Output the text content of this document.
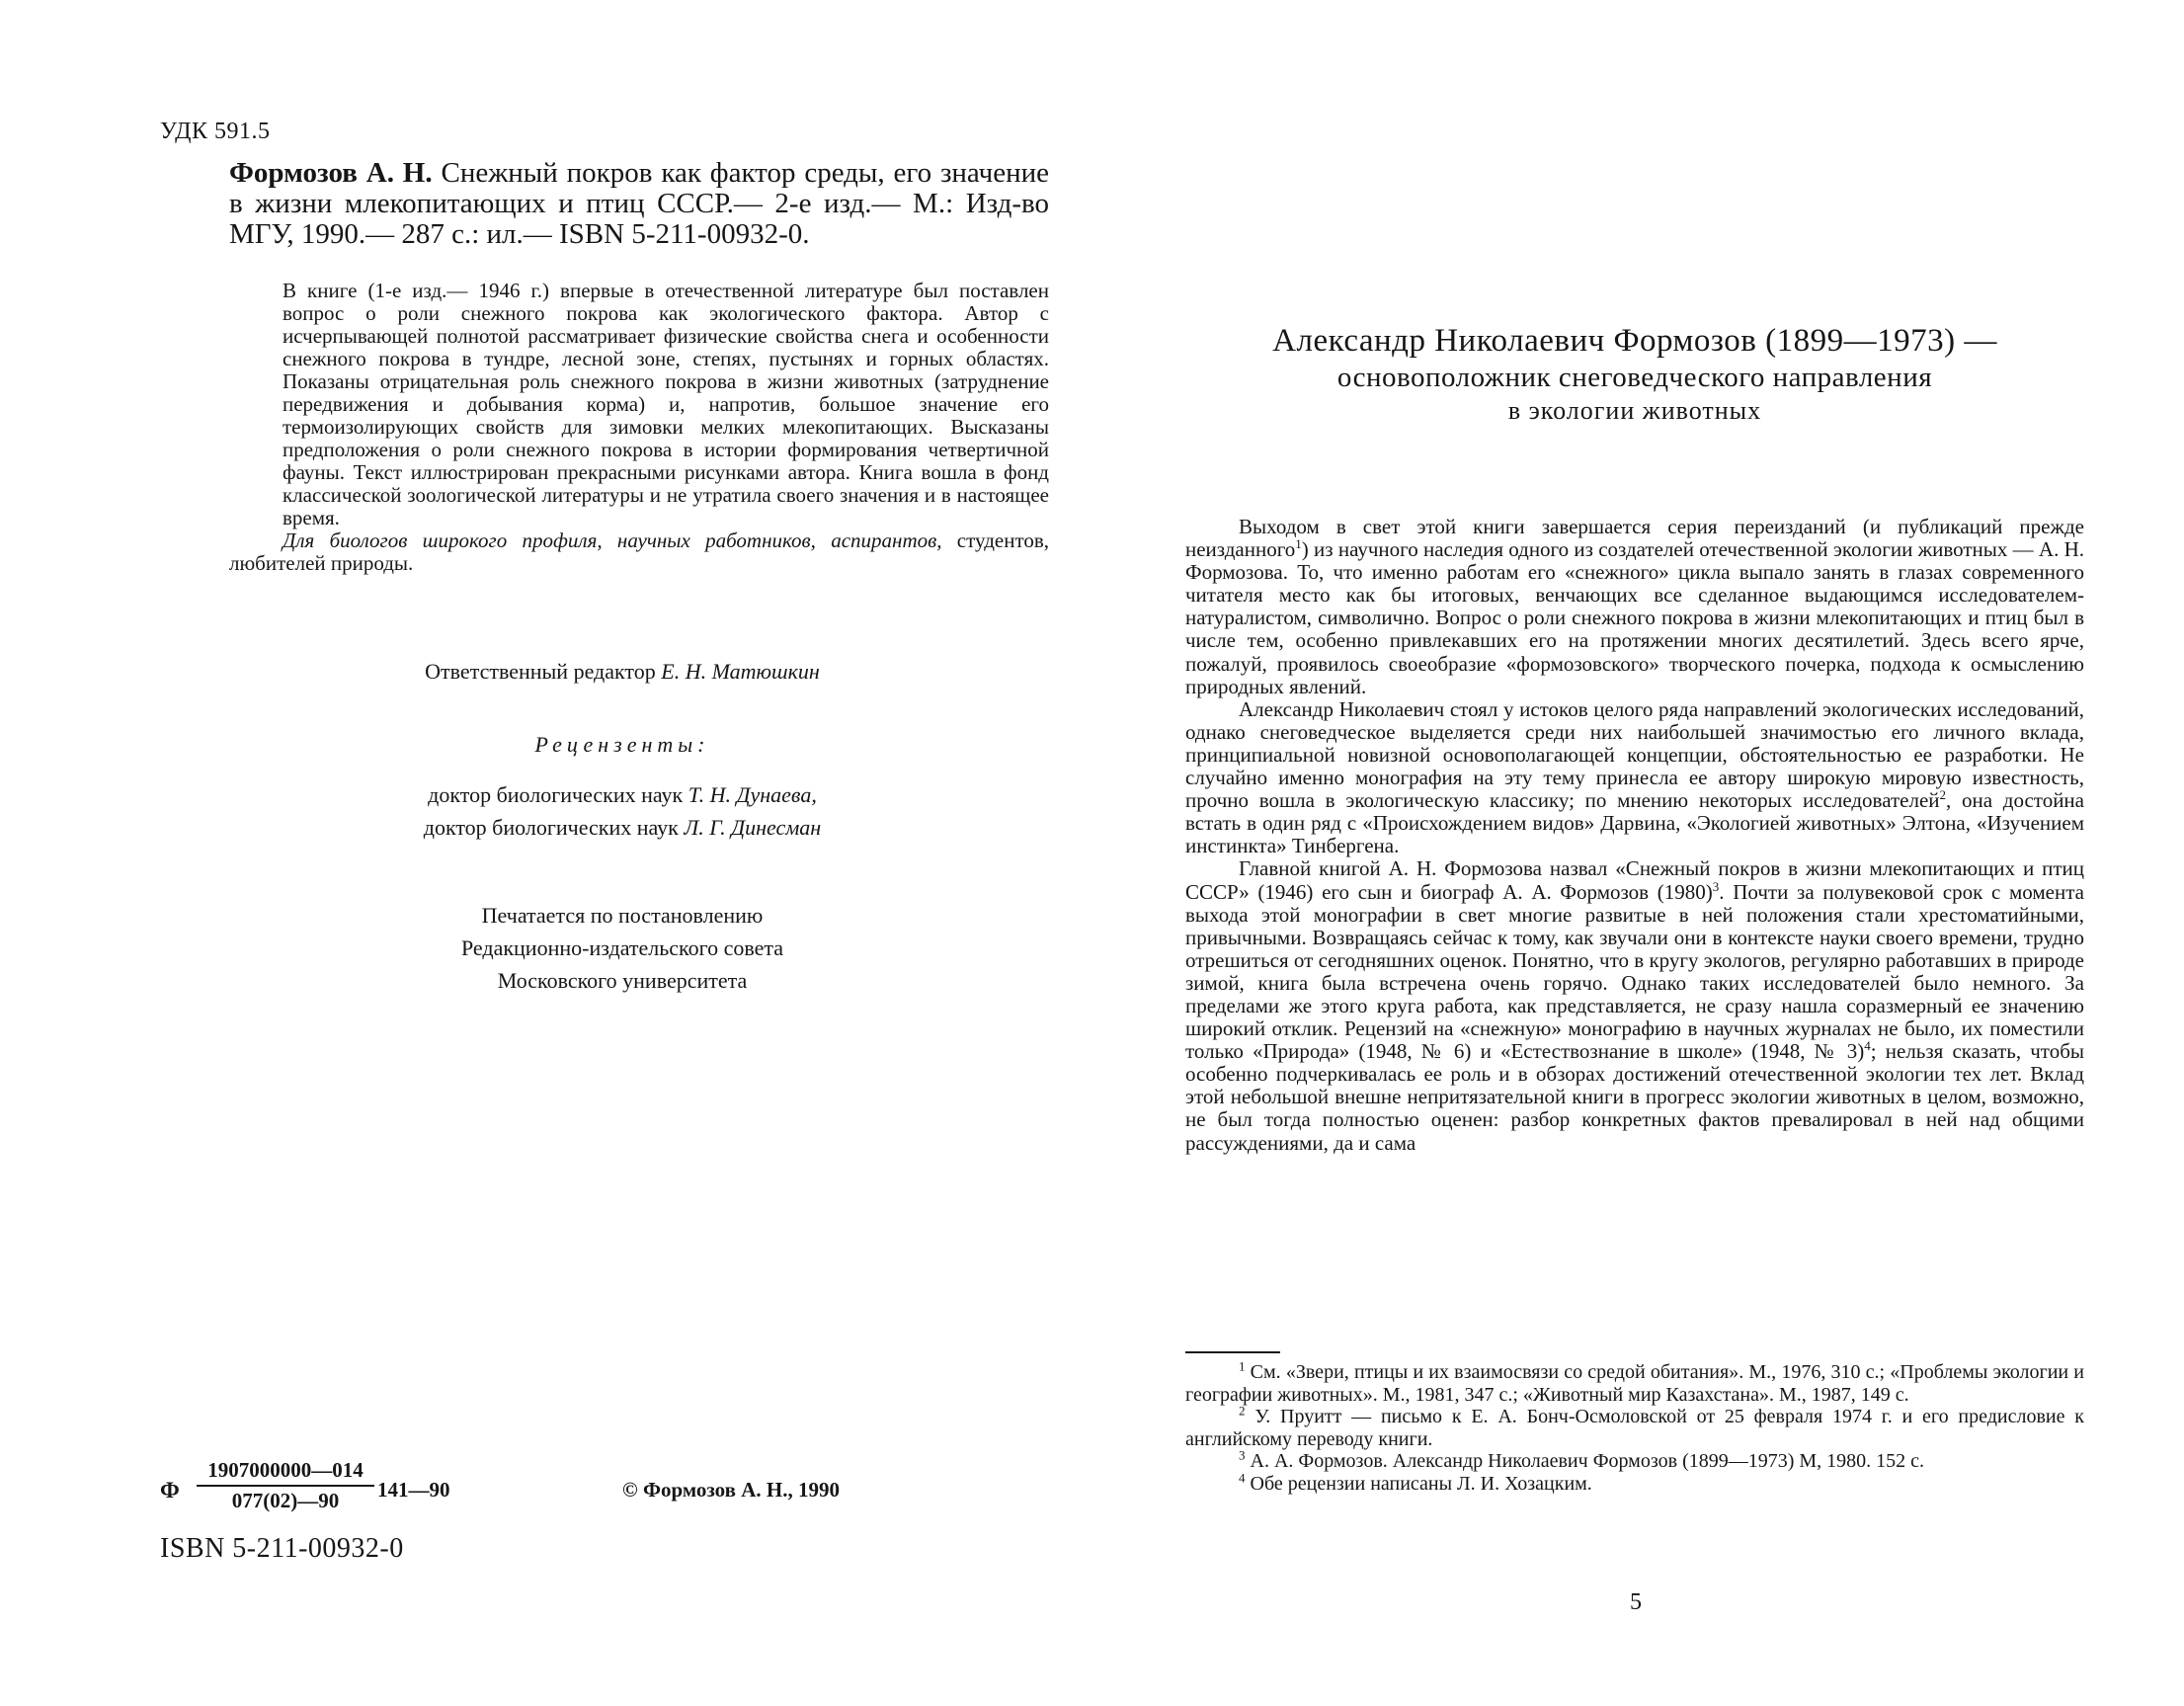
УДК 591.5
Формозов А. Н. Снежный покров как фактор среды, его значение в жизни млекопитающих и птиц СССР.— 2-е изд.— М.: Изд-во МГУ, 1990.— 287 с.: ил.— ISBN 5-211-00932-0.

В книге (1-е изд.— 1946 г.) впервые в отечественной литературе был поставлен вопрос о роли снежного покрова как экологического фактора. Автор с исчерпывающей полнотой рассматривает физические свойства снега и особенности снежного покрова в тундре, лесной зоне, степях, пустынях и горных областях. Показаны отрицательная роль снежного покрова в жизни животных (затруднение передвижения и добывания корма) и, напротив, большое значение его термоизолирующих свойств для зимовки мелких млекопитающих. Высказаны предположения о роли снежного покрова в истории формирования четвертичной фауны. Текст иллюстрирован прекрасными рисунками автора. Книга вошла в фонд классической зоологической литературы и не утратила своего значения и в настоящее время.

Для биологов широкого профиля, научных работников, аспирантов, студентов, любителей природы.

Ответственный редактор Е. Н. Матюшкин
Рецензенты:
доктор биологических наук Т. Н. Дунаева,
доктор биологических наук Л. Г. Динесман
Печатается по постановлению
Редакционно-издательского совета
Московского университета
Ф $\frac{1907000000—014}{077(02)—90}$ 141—90	© Формозов А. Н., 1990
ISBN 5-211-00932-0
Александр Николаевич Формозов (1899—1973) —
основоположник снеговедческого направления
в экологии животных

Выходом в свет этой книги завершается серия переизданий (и публикаций прежде неизданного$^1$) из научного наследия одного из создателей отечественной экологии животных — А. Н. Формозова. То, что именно работам его «снежного» цикла выпало занять в глазах современного читателя место как бы итоговых, венчающих все сделанное выдающимся исследователем-натуралистом, символично. Вопрос о роли снежного покрова в жизни млекопитающих и птиц был в числе тем, особенно привлекавших его на протяжении многих десятилетий. Здесь всего ярче, пожалуй, проявилось своеобразие «формозовского» творческого почерка, подхода к осмыслению природных явлений.

Александр Николаевич стоял у истоков целого ряда направлений экологических исследований, однако снеговедческое выделяется среди них наибольшей значимостью его личного вклада, принципиальной новизной основополагающей концепции, обстоятельностью ее разработки. Не случайно именно монография на эту тему принесла ее автору широкую мировую известность, прочно вошла в экологическую классику; по мнению некоторых исследователей$^2$, она достойна встать в один ряд с «Происхождением видов» Дарвина, «Экологией животных» Элтона, «Изучением инстинкта» Тинбергена.

Главной книгой А. Н. Формозова назвал «Снежный покров в жизни млекопитающих и птиц СССР» (1946) его сын и биограф А. А. Формозов $(1980)^3$. Почти за полувековой срок с момента выхода этой монографии в свет многие развитые в ней положения стали хрестоматийными, привычными. Возвращаясь сейчас к тому, как звучали они в контексте науки своего времени, трудно отрешиться от сегодняшних оценок. Понятно, что в кругу экологов, регулярно работавших в природе зимой, книга была встречена очень горячо. Однако таких исследователей было немного. За пределами же этого круга работа, как представляется, не сразу нашла соразмерный ее значению широкий отклик. Рецензий на «снежную» монографию в научных журналах не было, их поместили только «Природа» (1948, № 6) и «Естествознание в школе» (1948, № 3)$^4$; нельзя сказать, чтобы особенно подчеркивалась ее роль и в обзорах достижений отечественной экологии тех лет. Вклад этой небольшой внешне непритязательной книги в прогресс экологии животных в целом, возможно, не был тогда полностью оценен: разбор конкретных фактов превалировал в ней над общими рассуждениями, да и сама

$^1$ См. «Звери, птицы и их взаимосвязи со средой обитания». М., 1976, 310 с.; «Проблемы экологии и географии животных». М., 1981, 347 с.; «Животный мир Казахстана». М., 1987, 149 с.

$^2$ У. Пруитт — письмо к Е. А. Бонч-Осмоловской от 25 февраля 1974 г. и его предисловие к английскому переводу книги.

$^3$ А. А. Формозов. Александр Николаевич Формозов (1899—1973) М, 1980. 152 с.

$^4$ Обе рецензии написаны Л. И. Хозацким.

5
